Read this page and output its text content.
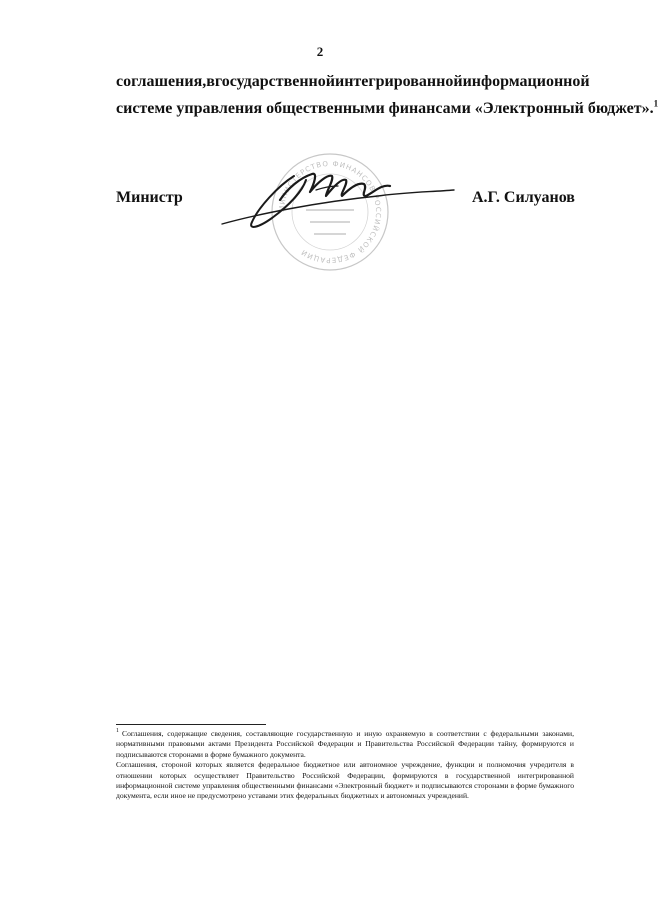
2
соглашения, в государственной интегрированной информационной
системе управления общественными финансами «Электронный бюджет».$^1$
МИНИСТЕРСТВО ФИНАНСОВ РОССИЙСКОЙ ФЕДЕРАЦИИ
Министр	А.Г. Силуанов

$^1$ Соглашения, содержащие сведения, составляющие государственную и иную охраняемую в соответствии с федеральными законами, нормативными правовыми актами Президента Российской Федерации и Правительства Российской Федерации тайну, формируются и подписываются сторонами в форме бумажного документа.

Соглашения, стороной которых является федеральное бюджетное или автономное учреждение, функции и полномочия учредителя в отношении которых осуществляет Правительство Российской Федерации, формируются в государственной интегрированной информационной системе управления общественными финансами «Электронный бюджет» и подписываются сторонами в форме бумажного документа, если иное не предусмотрено уставами этих федеральных бюджетных и автономных учреждений.
